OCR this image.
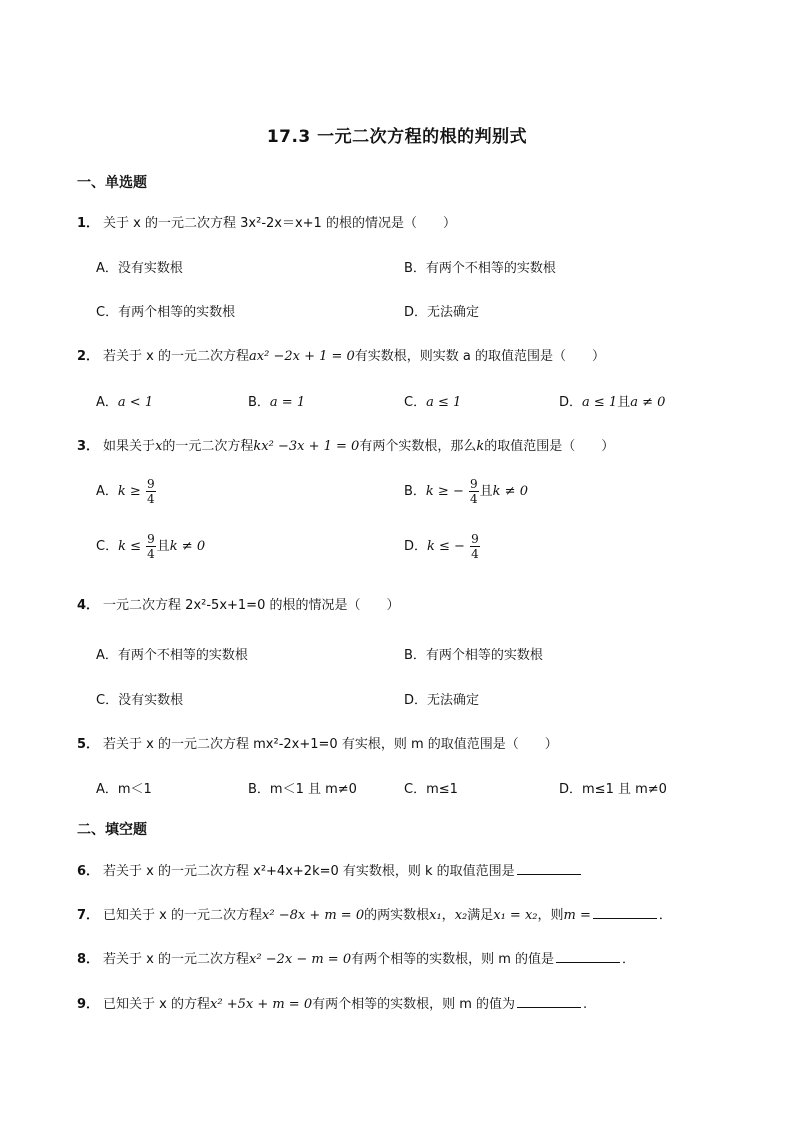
17.3 一元二次方程的根的判别式
一、单选题
1． 关于 x 的一元二次方程 3x²-2x＝x+1 的根的情况是（　　）
A．没有实数根	B．有两个不相等的实数根
C．有两个相等的实数根	D．无法确定
2． 若关于 x 的一元二次方程ax² −2x + 1 = 0有实数根，则实数 a 的取值范围是（　　）
A．a < 1	B．a = 1	C．a ≤ 1	D．a ≤ 1且a ≠ 0
3． 如果关于x的一元二次方程kx² −3x + 1 = 0有两个实数根，那么k的取值范围是（　　）
A．$k \ge \frac{9}{4}$	B．k ≥ − $\frac{9}{4}$ 且k ≠ 0
C．$k \le \frac{9}{4}$ 且k ≠ 0	D．k ≤ − $\frac{9}{4}$
4． 一元二次方程 2x²-5x+1=0 的根的情况是（　　）
A．有两个不相等的实数根	B．有两个相等的实数根
C．没有实数根	D．无法确定
5． 若关于 x 的一元二次方程 mx²-2x+1=0 有实根，则 m 的取值范围是（　　）
A．m＜1	B．m＜1 且 m≠0	C．m≤1	D．m≤1 且 m≠0
二、填空题
6． 若关于 x 的一元二次方程 x²+4x+2k=0 有实数根，则 k 的取值范围是
7． 已知关于 x 的一元二次方程x² −8x + m = 0的两实数根x₁，x₂满足x₁ = x₂，则m =	．
8． 若关于 x 的一元二次方程x² −2x − m = 0有两个相等的实数根，则 m 的值是	．
9． 已知关于 x 的方程x² +5x + m = 0有两个相等的实数根，则 m 的值为	.
